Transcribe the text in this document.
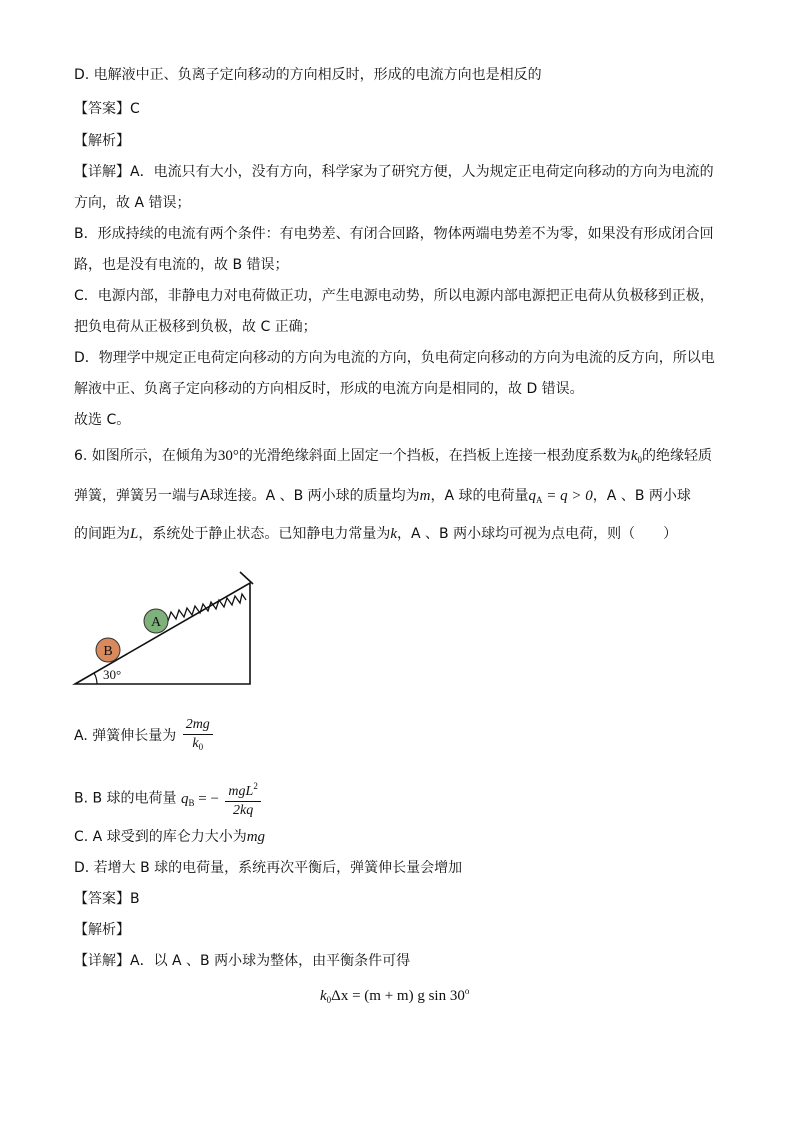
D. 电解液中正、负离子定向移动的方向相反时，形成的电流方向也是相反的
【答案】C
【解析】
【详解】A．电流只有大小，没有方向，科学家为了研究方便，人为规定正电荷定向移动的方向为电流的
方向，故 A 错误；
B．形成持续的电流有两个条件：有电势差、有闭合回路，物体两端电势差不为零，如果没有形成闭合回
路，也是没有电流的，故 B 错误；
C．电源内部，非静电力对电荷做正功，产生电源电动势，所以电源内部电源把正电荷从负极移到正极，
把负电荷从正极移到负极，故 C 正确；
D．物理学中规定正电荷定向移动的方向为电流的方向，负电荷定向移动的方向为电流的反方向，所以电
解液中正、负离子定向移动的方向相反时，形成的电流方向是相同的，故 D 错误。
故选 C。
6. 如图所示，在倾角为30°的光滑绝缘斜面上固定一个挡板，在挡板上连接一根劲度系数为$k_0$的绝缘轻质
弹簧，弹簧另一端与A球连接。A 、B 两小球的质量均为m，A 球的电荷量$q_A = q > 0$，A 、B 两小球
的间距为L，系统处于静止状态。已知静电力常量为k，A 、B 两小球均可视为点电荷，则（　　）
A
B
30°
A. 弹簧伸长量为 $\frac{2mg}{k_0}$
B. B 球的电荷量 $q_B$ = − $\frac{mgL^2}{2kq}$
C. A 球受到的库仑力大小为mg
D. 若增大 B 球的电荷量，系统再次平衡后，弹簧伸长量会增加
【答案】B
【解析】
【详解】A．以 A 、B 两小球为整体，由平衡条件可得
$k_0\Delta x = (m + m)$ g sin 30$^o$
